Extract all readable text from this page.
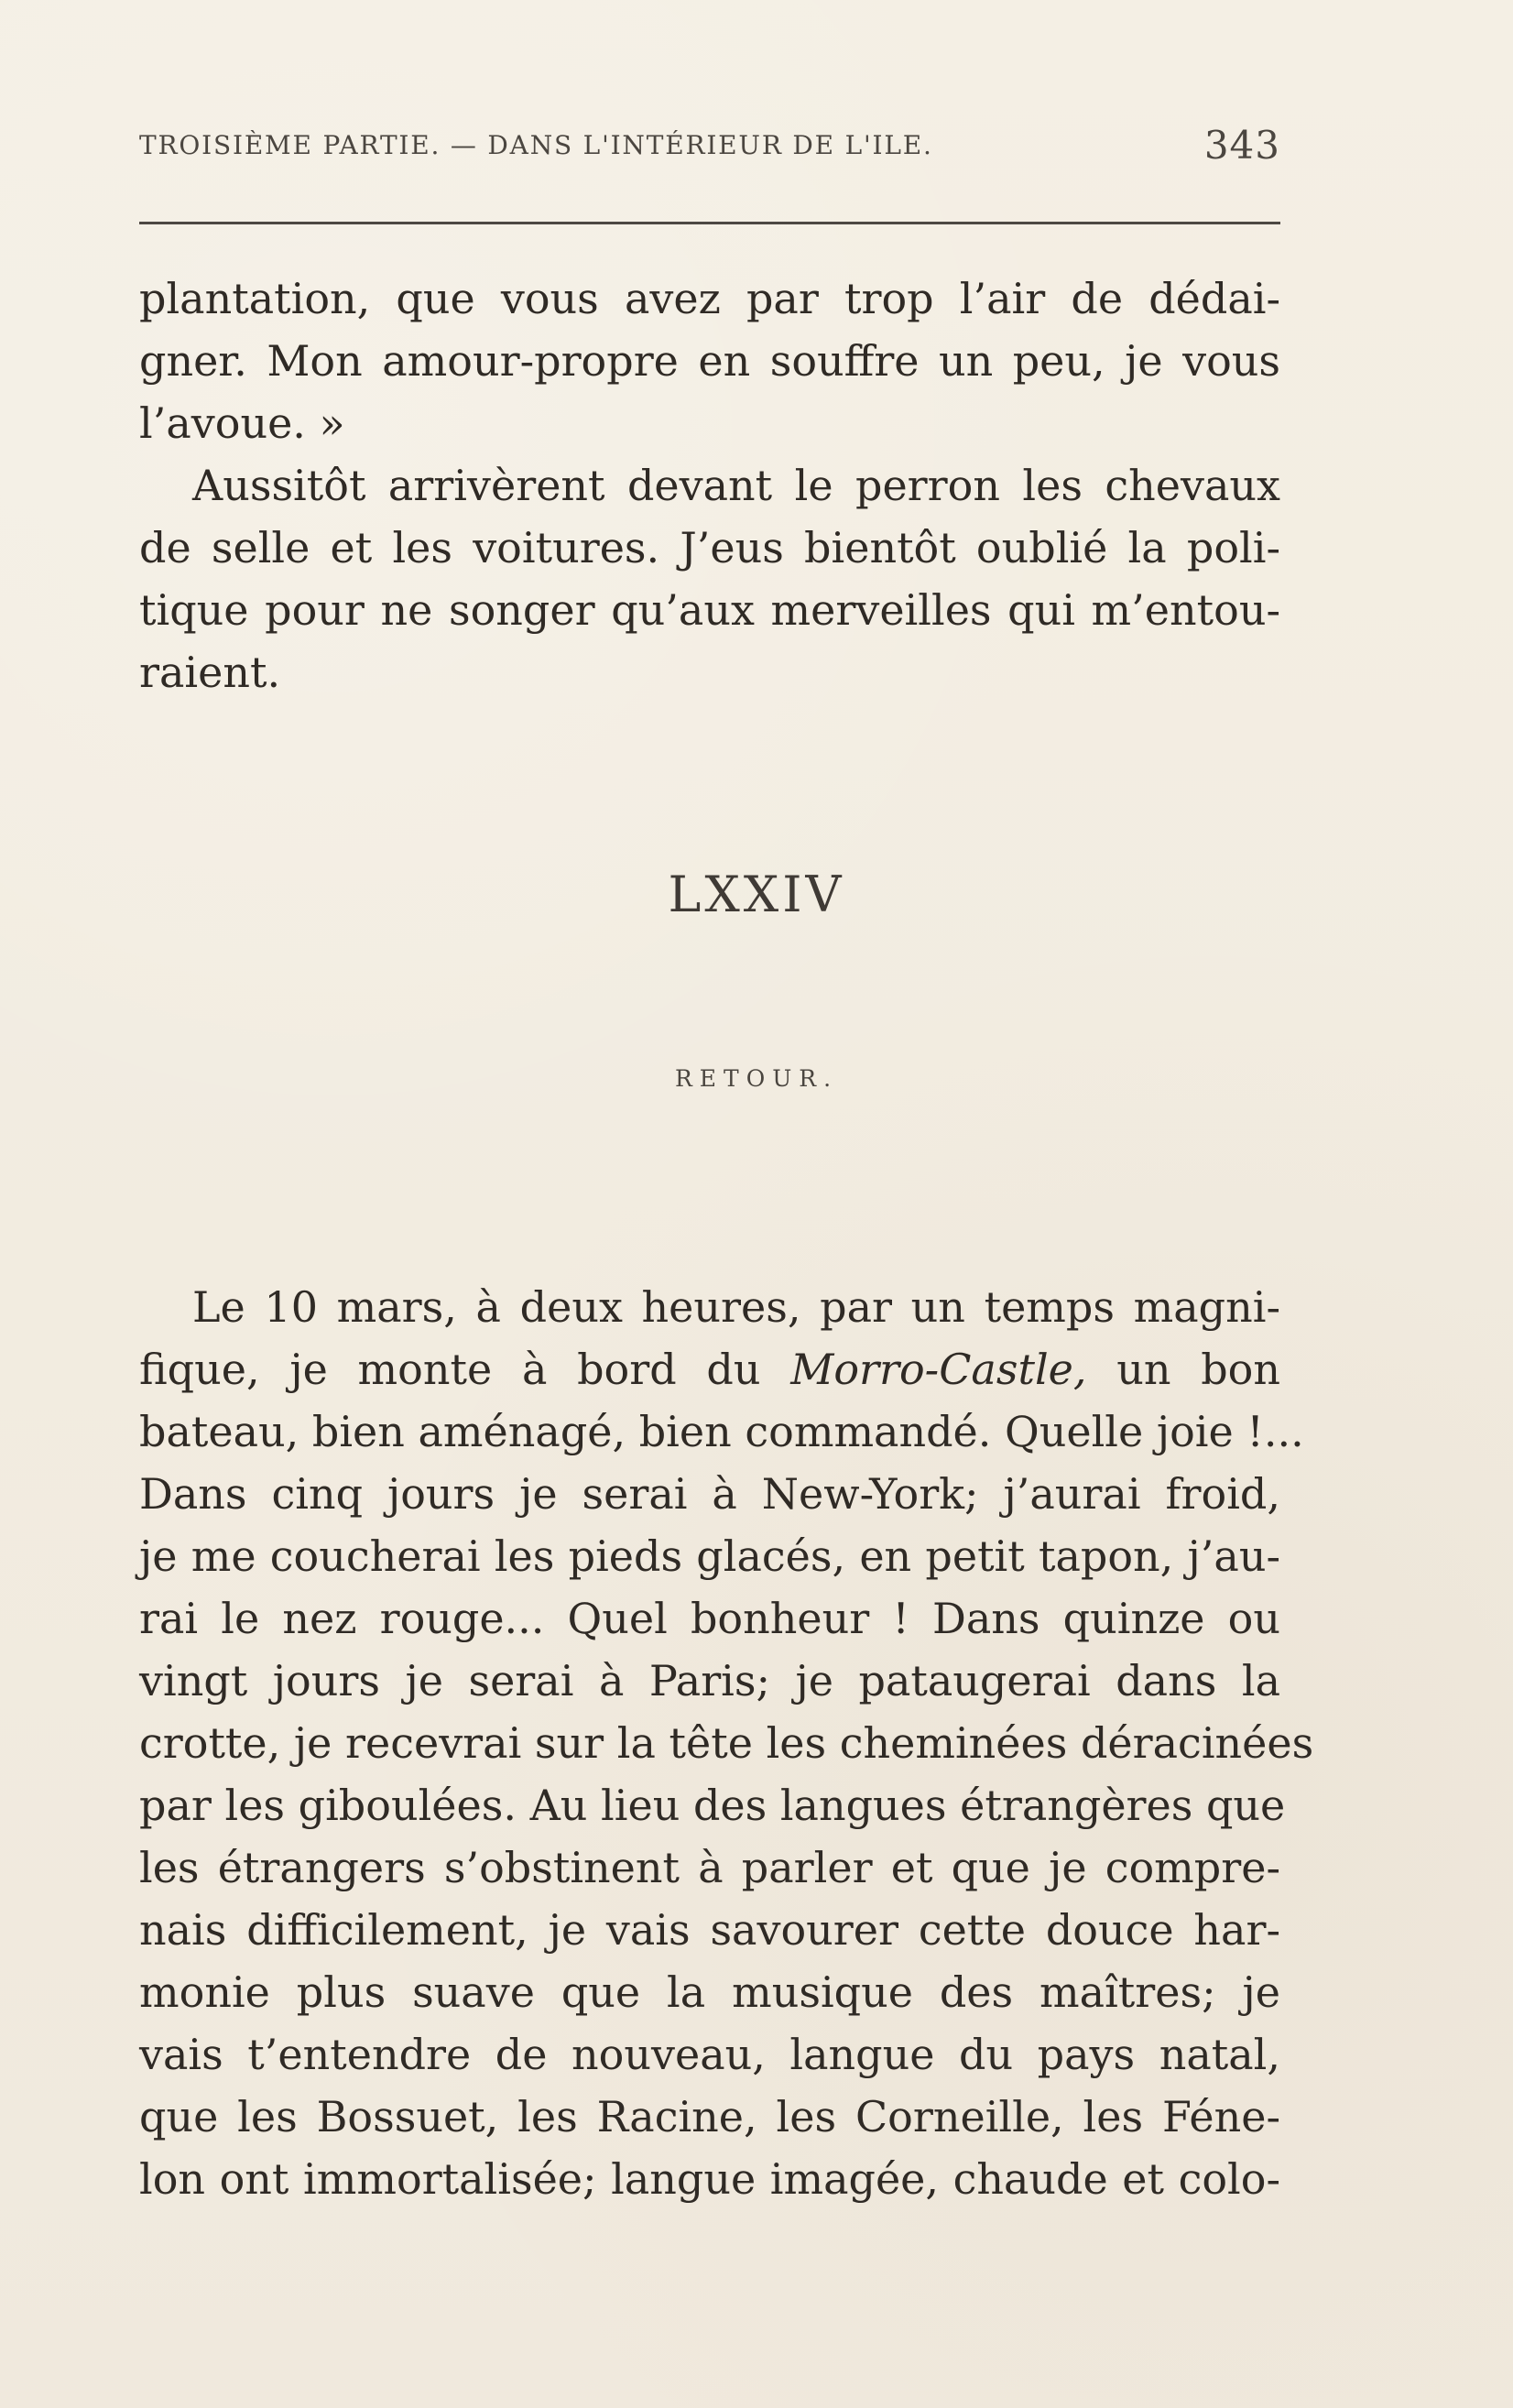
TROISIÈME PARTIE. — DANS L'INTÉRIEUR DE L'ILE.	343
plantation, que vous avez par trop l’air de dédai-
gner. Mon amour-propre en souffre un peu, je vous
l’avoue. »
Aussitôt arrivèrent devant le perron les chevaux
de selle et les voitures. J’eus bientôt oublié la poli-
tique pour ne songer qu’aux merveilles qui m’entou-
raient.
LXXIV
RETOUR.
Le 10 mars, à deux heures, par un temps magni-
fique, je monte à bord du Morro-Castle, un bon
bateau, bien aménagé, bien commandé. Quelle joie !...
Dans cinq jours je serai à New-York; j’aurai froid,
je me coucherai les pieds glacés, en petit tapon, j’au-
rai le nez rouge... Quel bonheur ! Dans quinze ou
vingt jours je serai à Paris; je pataugerai dans la
crotte, je recevrai sur la tête les cheminées déracinées
par les giboulées. Au lieu des langues étrangères que
les étrangers s’obstinent à parler et que je compre-
nais difficilement, je vais savourer cette douce har-
monie plus suave que la musique des maîtres; je
vais t’entendre de nouveau, langue du pays natal,
que les Bossuet, les Racine, les Corneille, les Féne-
lon ont immortalisée; langue imagée, chaude et colo-
